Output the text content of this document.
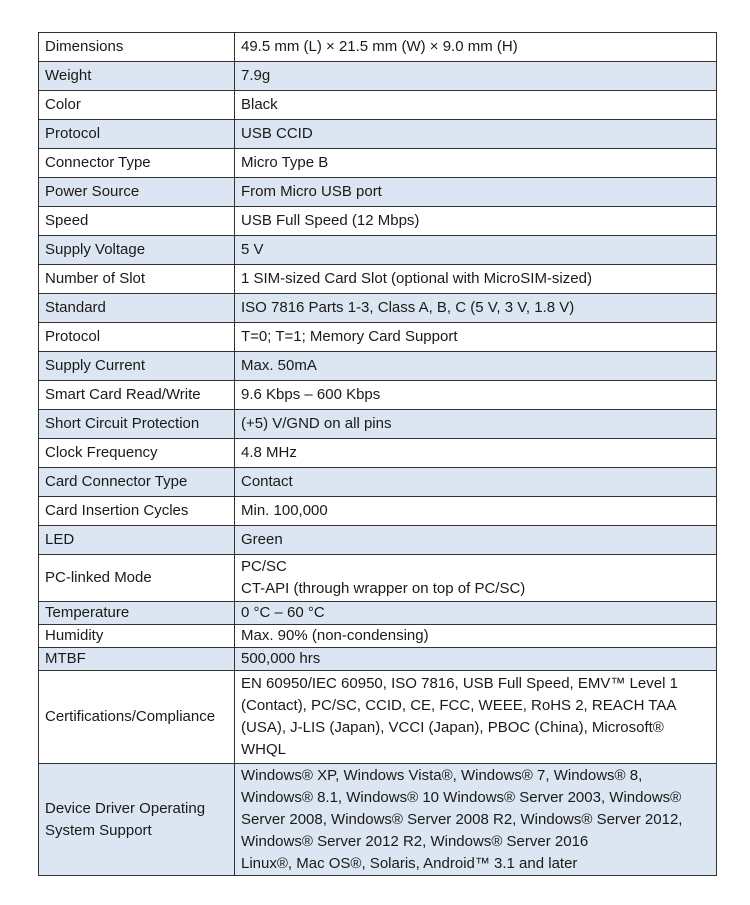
Dimensions	49.5 mm (L) × 21.5 mm (W) × 9.0 mm (H)
Weight	7.9g
Color	Black
Protocol	USB CCID
Connector Type	Micro Type B
Power Source	From Micro USB port
Speed	USB Full Speed (12 Mbps)
Supply Voltage	5 V
Number of Slot	1 SIM-sized Card Slot (optional with MicroSIM-sized)
Standard	ISO 7816 Parts 1-3, Class A, B, C (5 V, 3 V, 1.8 V)
Protocol	T=0; T=1; Memory Card Support
Supply Current	Max. 50mA
Smart Card Read/Write	9.6 Kbps – 600 Kbps
Short Circuit Protection	(+5) V/GND on all pins
Clock Frequency	4.8 MHz
Card Connector Type	Contact
Card Insertion Cycles	Min. 100,000
LED	Green
PC-linked Mode	PC/SC
CT-API (through wrapper on top of PC/SC)
Temperature	0 °C – 60 °C
Humidity	Max. 90% (non-condensing)
MTBF	500,000 hrs
Certifications/Compliance	EN 60950/IEC 60950, ISO 7816, USB Full Speed, EMV™ Level 1 (Contact), PC/SC, CCID, CE, FCC, WEEE, RoHS 2, REACH TAA (USA), J-LIS (Japan), VCCI (Japan), PBOC (China), Microsoft® WHQL
Device Driver Operating System Support	Windows® XP, Windows Vista®, Windows® 7, Windows® 8, Windows® 8.1, Windows® 10 Windows® Server 2003, Windows® Server 2008, Windows® Server 2008 R2, Windows® Server 2012, Windows® Server 2012 R2, Windows® Server 2016
Linux®, Mac OS®, Solaris, Android™ 3.1 and later
